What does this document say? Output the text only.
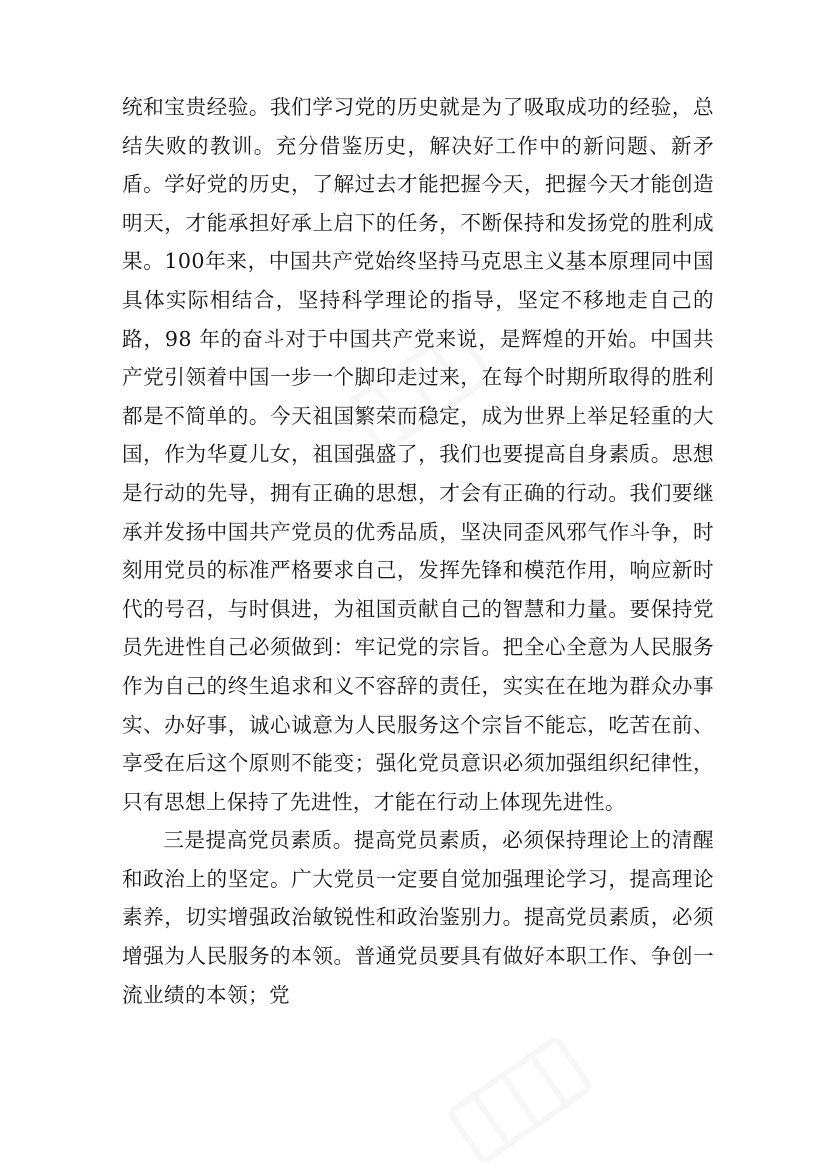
统和宝贵经验。我们学习党的历史就是为了吸取成功的经验，总结失败的教训。充分借鉴历史，解决好工作中的新问题、新矛盾。学好党的历史，了解过去才能把握今天，把握今天才能创造明天，才能承担好承上启下的任务，不断保持和发扬党的胜利成果。100年来，中国共产党始终坚持马克思主义基本原理同中国具体实际相结合，坚持科学理论的指导，坚定不移地走自己的路，98 年的奋斗对于中国共产党来说，是辉煌的开始。中国共产党引领着中国一步一个脚印走过来，在每个时期所取得的胜利都是不简单的。今天祖国繁荣而稳定，成为世界上举足轻重的大国，作为华夏儿女，祖国强盛了，我们也要提高自身素质。思想是行动的先导，拥有正确的思想，才会有正确的行动。我们要继承并发扬中国共产党员的优秀品质，坚决同歪风邪气作斗争，时刻用党员的标准严格要求自己，发挥先锋和模范作用，响应新时代的号召，与时俱进，为祖国贡献自己的智慧和力量。要保持党员先进性自己必须做到：牢记党的宗旨。把全心全意为人民服务作为自己的终生追求和义不容辞的责任，实实在在地为群众办事实、办好事，诚心诚意为人民服务这个宗旨不能忘，吃苦在前、享受在后这个原则不能变；强化党员意识必须加强组织纪律性，只有思想上保持了先进性，才能在行动上体现先进性。

三是提高党员素质。提高党员素质，必须保持理论上的清醒和政治上的坚定。广大党员一定要自觉加强理论学习，提高理论素养，切实增强政治敏锐性和政治鉴别力。提高党员素质，必须增强为人民服务的本领。普通党员要具有做好本职工作、争创一流业绩的本领；党
